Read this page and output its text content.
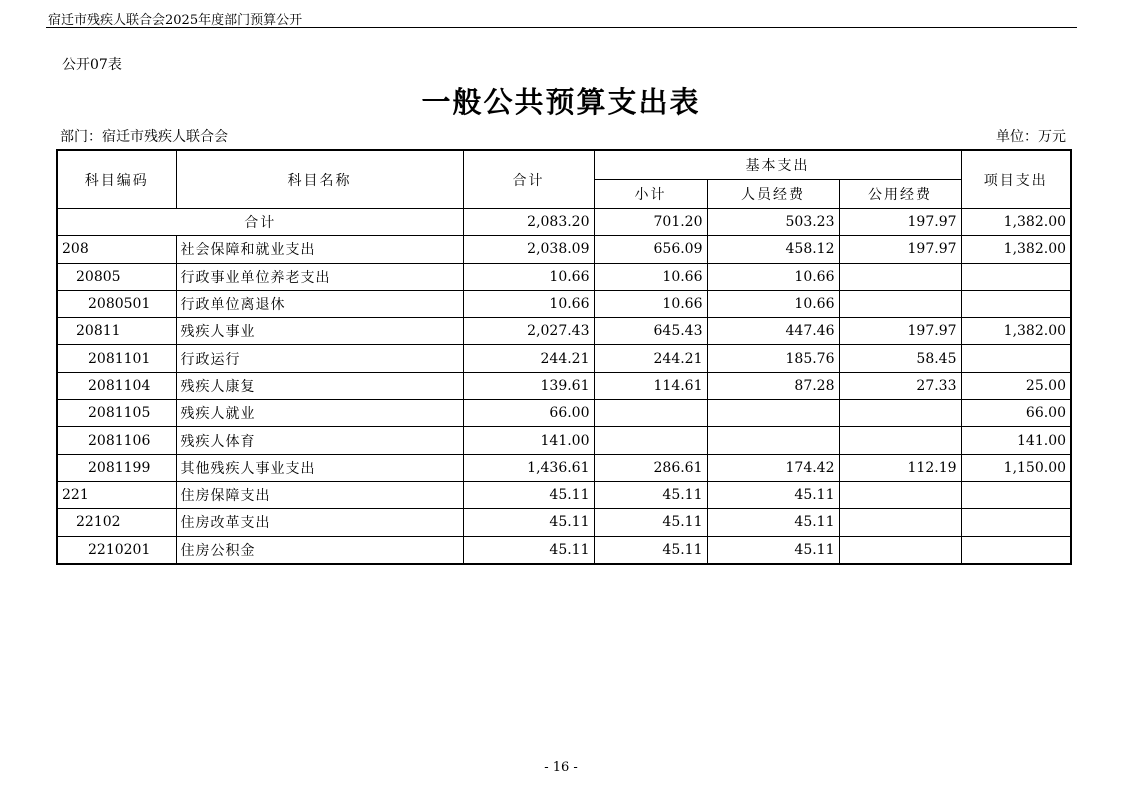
宿迁市残疾人联合会2025年度部门预算公开
公开07表
一般公共预算支出表
部门：宿迁市残疾人联合会	单位：万元
科目编码	科目名称	合计	基本支出			项目支出
			小计	人员经费	公用经费	
合计		2,083.20	701.20	503.23	197.97	1,382.00
208	社会保障和就业支出	2,038.09	656.09	458.12	197.97	1,382.00
20805	行政事业单位养老支出	10.66	10.66	10.66		
2080501	行政单位离退休	10.66	10.66	10.66		
20811	残疾人事业	2,027.43	645.43	447.46	197.97	1,382.00
2081101	行政运行	244.21	244.21	185.76	58.45	
2081104	残疾人康复	139.61	114.61	87.28	27.33	25.00
2081105	残疾人就业	66.00				66.00
2081106	残疾人体育	141.00				141.00
2081199	其他残疾人事业支出	1,436.61	286.61	174.42	112.19	1,150.00
221	住房保障支出	45.11	45.11	45.11		
22102	住房改革支出	45.11	45.11	45.11		
2210201	住房公积金	45.11	45.11	45.11		
- 16 -
